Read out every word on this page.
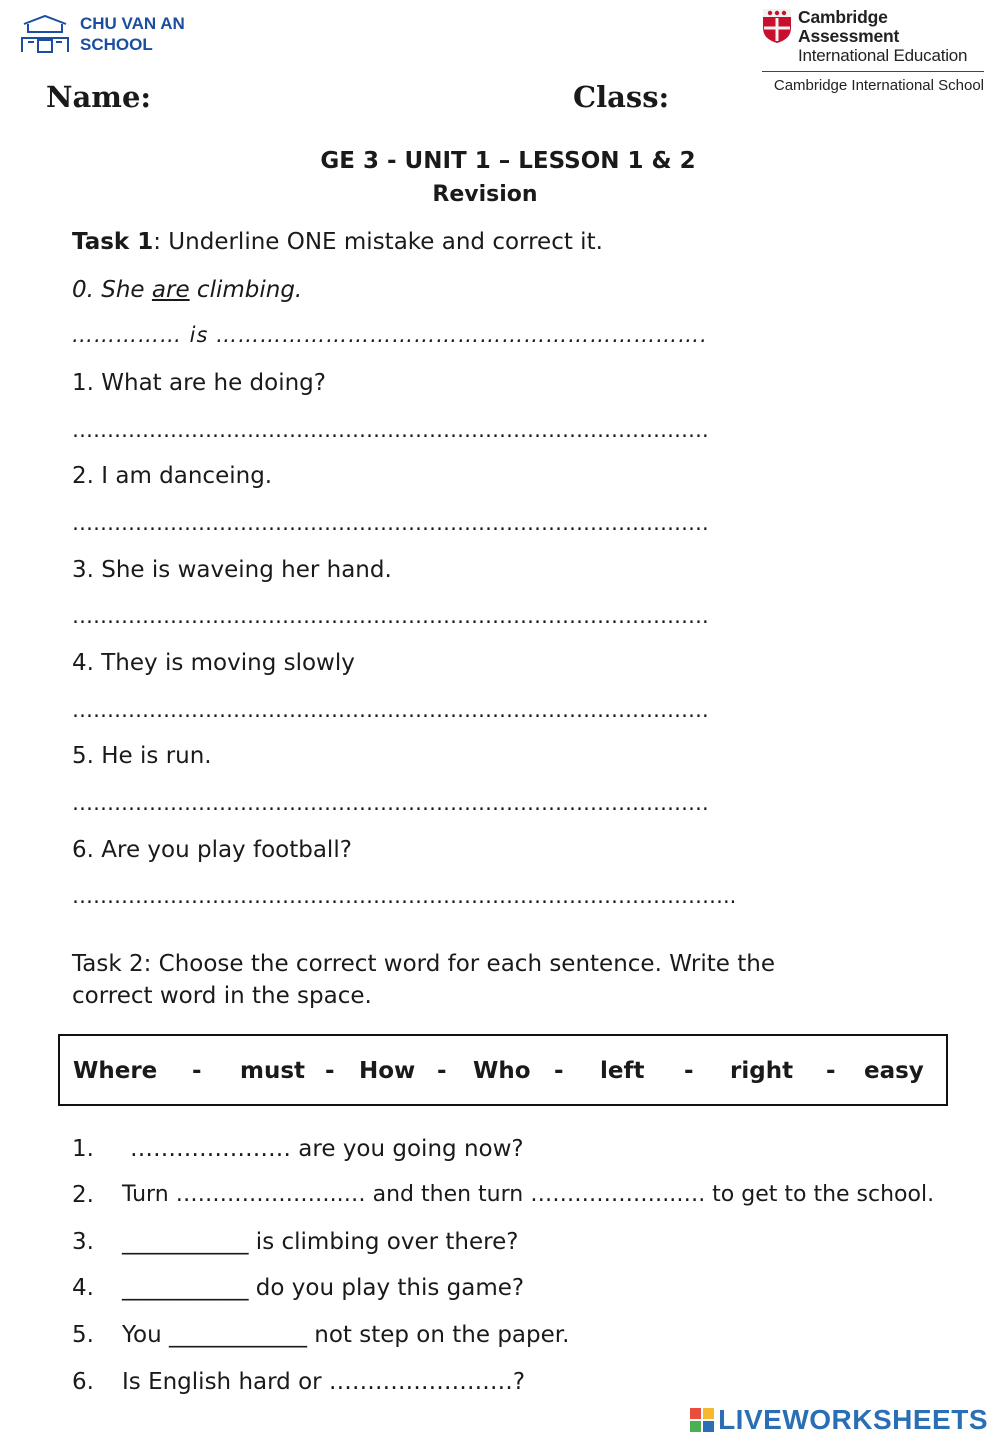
CHU VAN AN
SCHOOL
Cambridge Assessment
International Education
Cambridge International School
Name:	Class:
GE 3 - UNIT 1 – LESSON 1 & 2
Revision
Task 1: Underline ONE mistake and correct it.
0. She are climbing.
…………… is ………………………………………………………….
1. What are he doing?
……………………………………………………………………………….
2. I am danceing.
……………………………………………………………………………….
3. She is waveing her hand.
……………………………………………………………………………….
4. They is moving slowly
……………………………………………………………………………….
5. He is run.
……………………………………………………………………………….
6. Are you play football?
…………………………………………………………………………………..
Task 2: Choose the correct word for each sentence. Write the
correct word in the space.
Where - must - How - Who - left - right - easy
1. ………………… are you going now?
2. Turn …………………..… and then turn ………………..…. to get to the school.
3. ___________ is climbing over there?
4. ___________ do you play this game?
5. You ____________ not step on the paper.
6. Is English hard or ……………………?
LIVEWORKSHEETS
